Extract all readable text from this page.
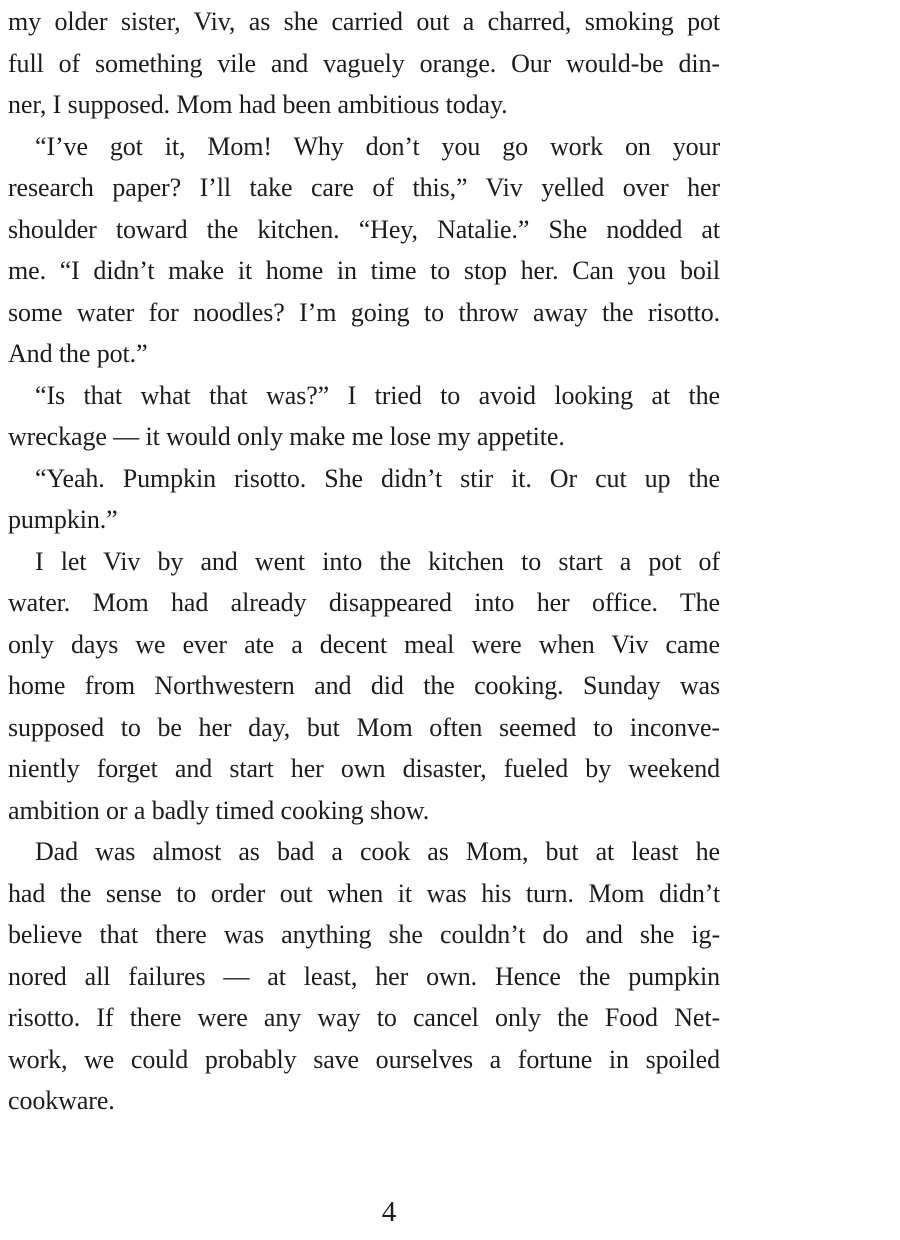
my older sister, Viv, as she carried out a charred, smoking pot
full of something vile and vaguely orange. Our would-be din-
ner, I supposed. Mom had been ambitious today.
“I’ve got it, Mom! Why don’t you go work on your
research paper? I’ll take care of this,” Viv yelled over her
shoulder toward the kitchen. “Hey, Natalie.” She nodded at
me. “I didn’t make it home in time to stop her. Can you boil
some water for noodles? I’m going to throw away the risotto.
And the pot.”
“Is that what that was?” I tried to avoid looking at the
wreckage — it would only make me lose my appetite.
“Yeah. Pumpkin risotto. She didn’t stir it. Or cut up the
pumpkin.”
I let Viv by and went into the kitchen to start a pot of
water. Mom had already disappeared into her office. The
only days we ever ate a decent meal were when Viv came
home from Northwestern and did the cooking. Sunday was
supposed to be her day, but Mom often seemed to inconve-
niently forget and start her own disaster, fueled by weekend
ambition or a badly timed cooking show.
Dad was almost as bad a cook as Mom, but at least he
had the sense to order out when it was his turn. Mom didn’t
believe that there was anything she couldn’t do and she ig-
nored all failures — at least, her own. Hence the pumpkin
risotto. If there were any way to cancel only the Food Net-
work, we could probably save ourselves a fortune in spoiled
cookware.
4
